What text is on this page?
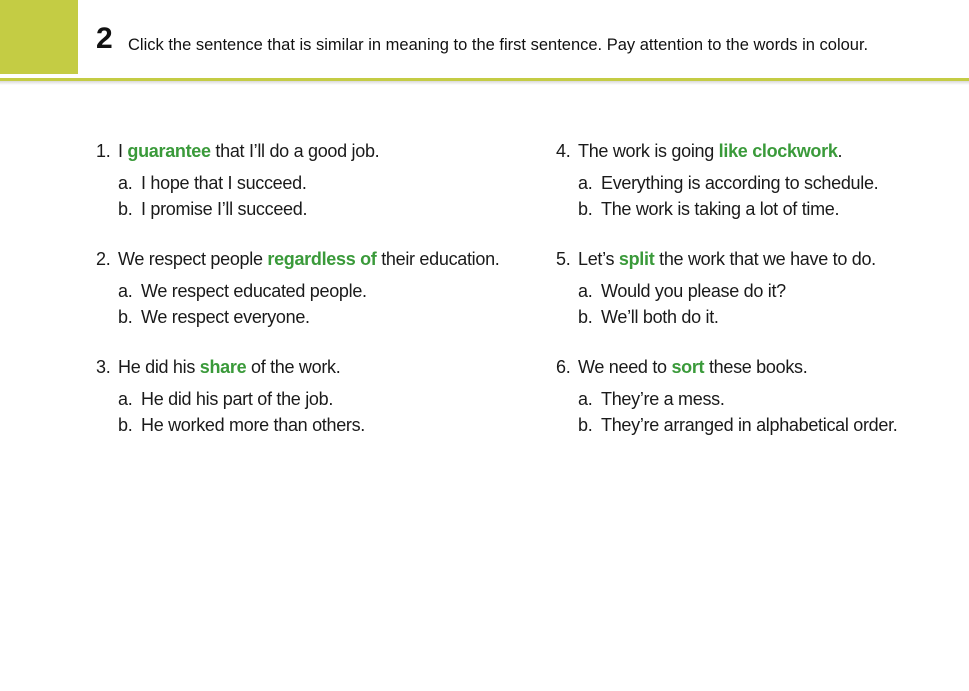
2 Click the sentence that is similar in meaning to the first sentence. Pay attention to the words in colour.
1. I guarantee that I’ll do a good job.
a. I hope that I succeed.
b. I promise I’ll succeed.
2. We respect people regardless of their education.
a. We respect educated people.
b. We respect everyone.
3. He did his share of the work.
a. He did his part of the job.
b. He worked more than others.
4. The work is going like clockwork.
a. Everything is according to schedule.
b. The work is taking a lot of time.
5. Let’s split the work that we have to do.
a. Would you please do it?
b. We’ll both do it.
6. We need to sort these books.
a. They’re a mess.
b. They’re arranged in alphabetical order.
